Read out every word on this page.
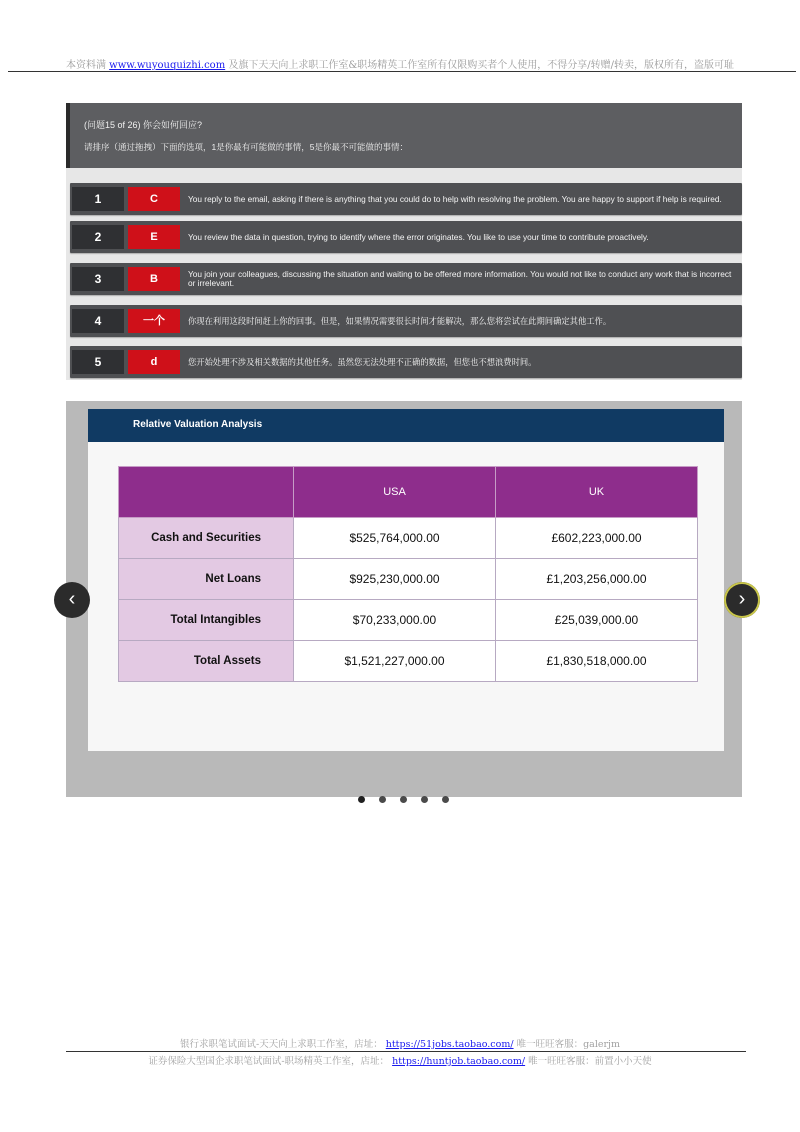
本资料满 www.wuyouquizhi.com 及旗下天天向上求职工作室&职场精英工作室所有仅限购买者个人使用，不得分享/转赠/转卖，版权所有，盗版可耻
(问题15 of 26) 你会如何回应?
请排序（通过拖拽）下面的选项，1是你最有可能做的事情，5是你最不可能做的事情：
1	C	You reply to the email, asking if there is anything that you could do to help with resolving the problem. You are happy to support if help is required.
2	E	You review the data in question, trying to identify where the error originates. You like to use your time to contribute proactively.
3	B	You join your colleagues, discussing the situation and waiting to be offered more information. You would not like to conduct any work that is incorrect or irrelevant.
4	一个	你现在利用这段时间赶上你的回事。但是，如果情况需要很长时间才能解决，那么您将尝试在此期间确定其他工作。
5	d	您开始处理不涉及相关数据的其他任务。虽然您无法处理不正确的数据，但您也不想浪费时间。
Relative Valuation Analysis
	USA	UK
Cash and Securities	$525,764,000.00	£602,223,000.00
Net Loans	$925,230,000.00	£1,203,256,000.00
Total Intangibles	$70,233,000.00	£25,039,000.00
Total Assets	$1,521,227,000.00	£1,830,518,000.00
‹	›
银行求职笔试面试-天天向上求职工作室，店址： https://51jobs.taobao.com/ 唯一旺旺客服：galerjm
证券保险大型国企求职笔试面试-职场精英工作室，店址： https://huntjob.taobao.com/ 唯一旺旺客服：前置小小天使
